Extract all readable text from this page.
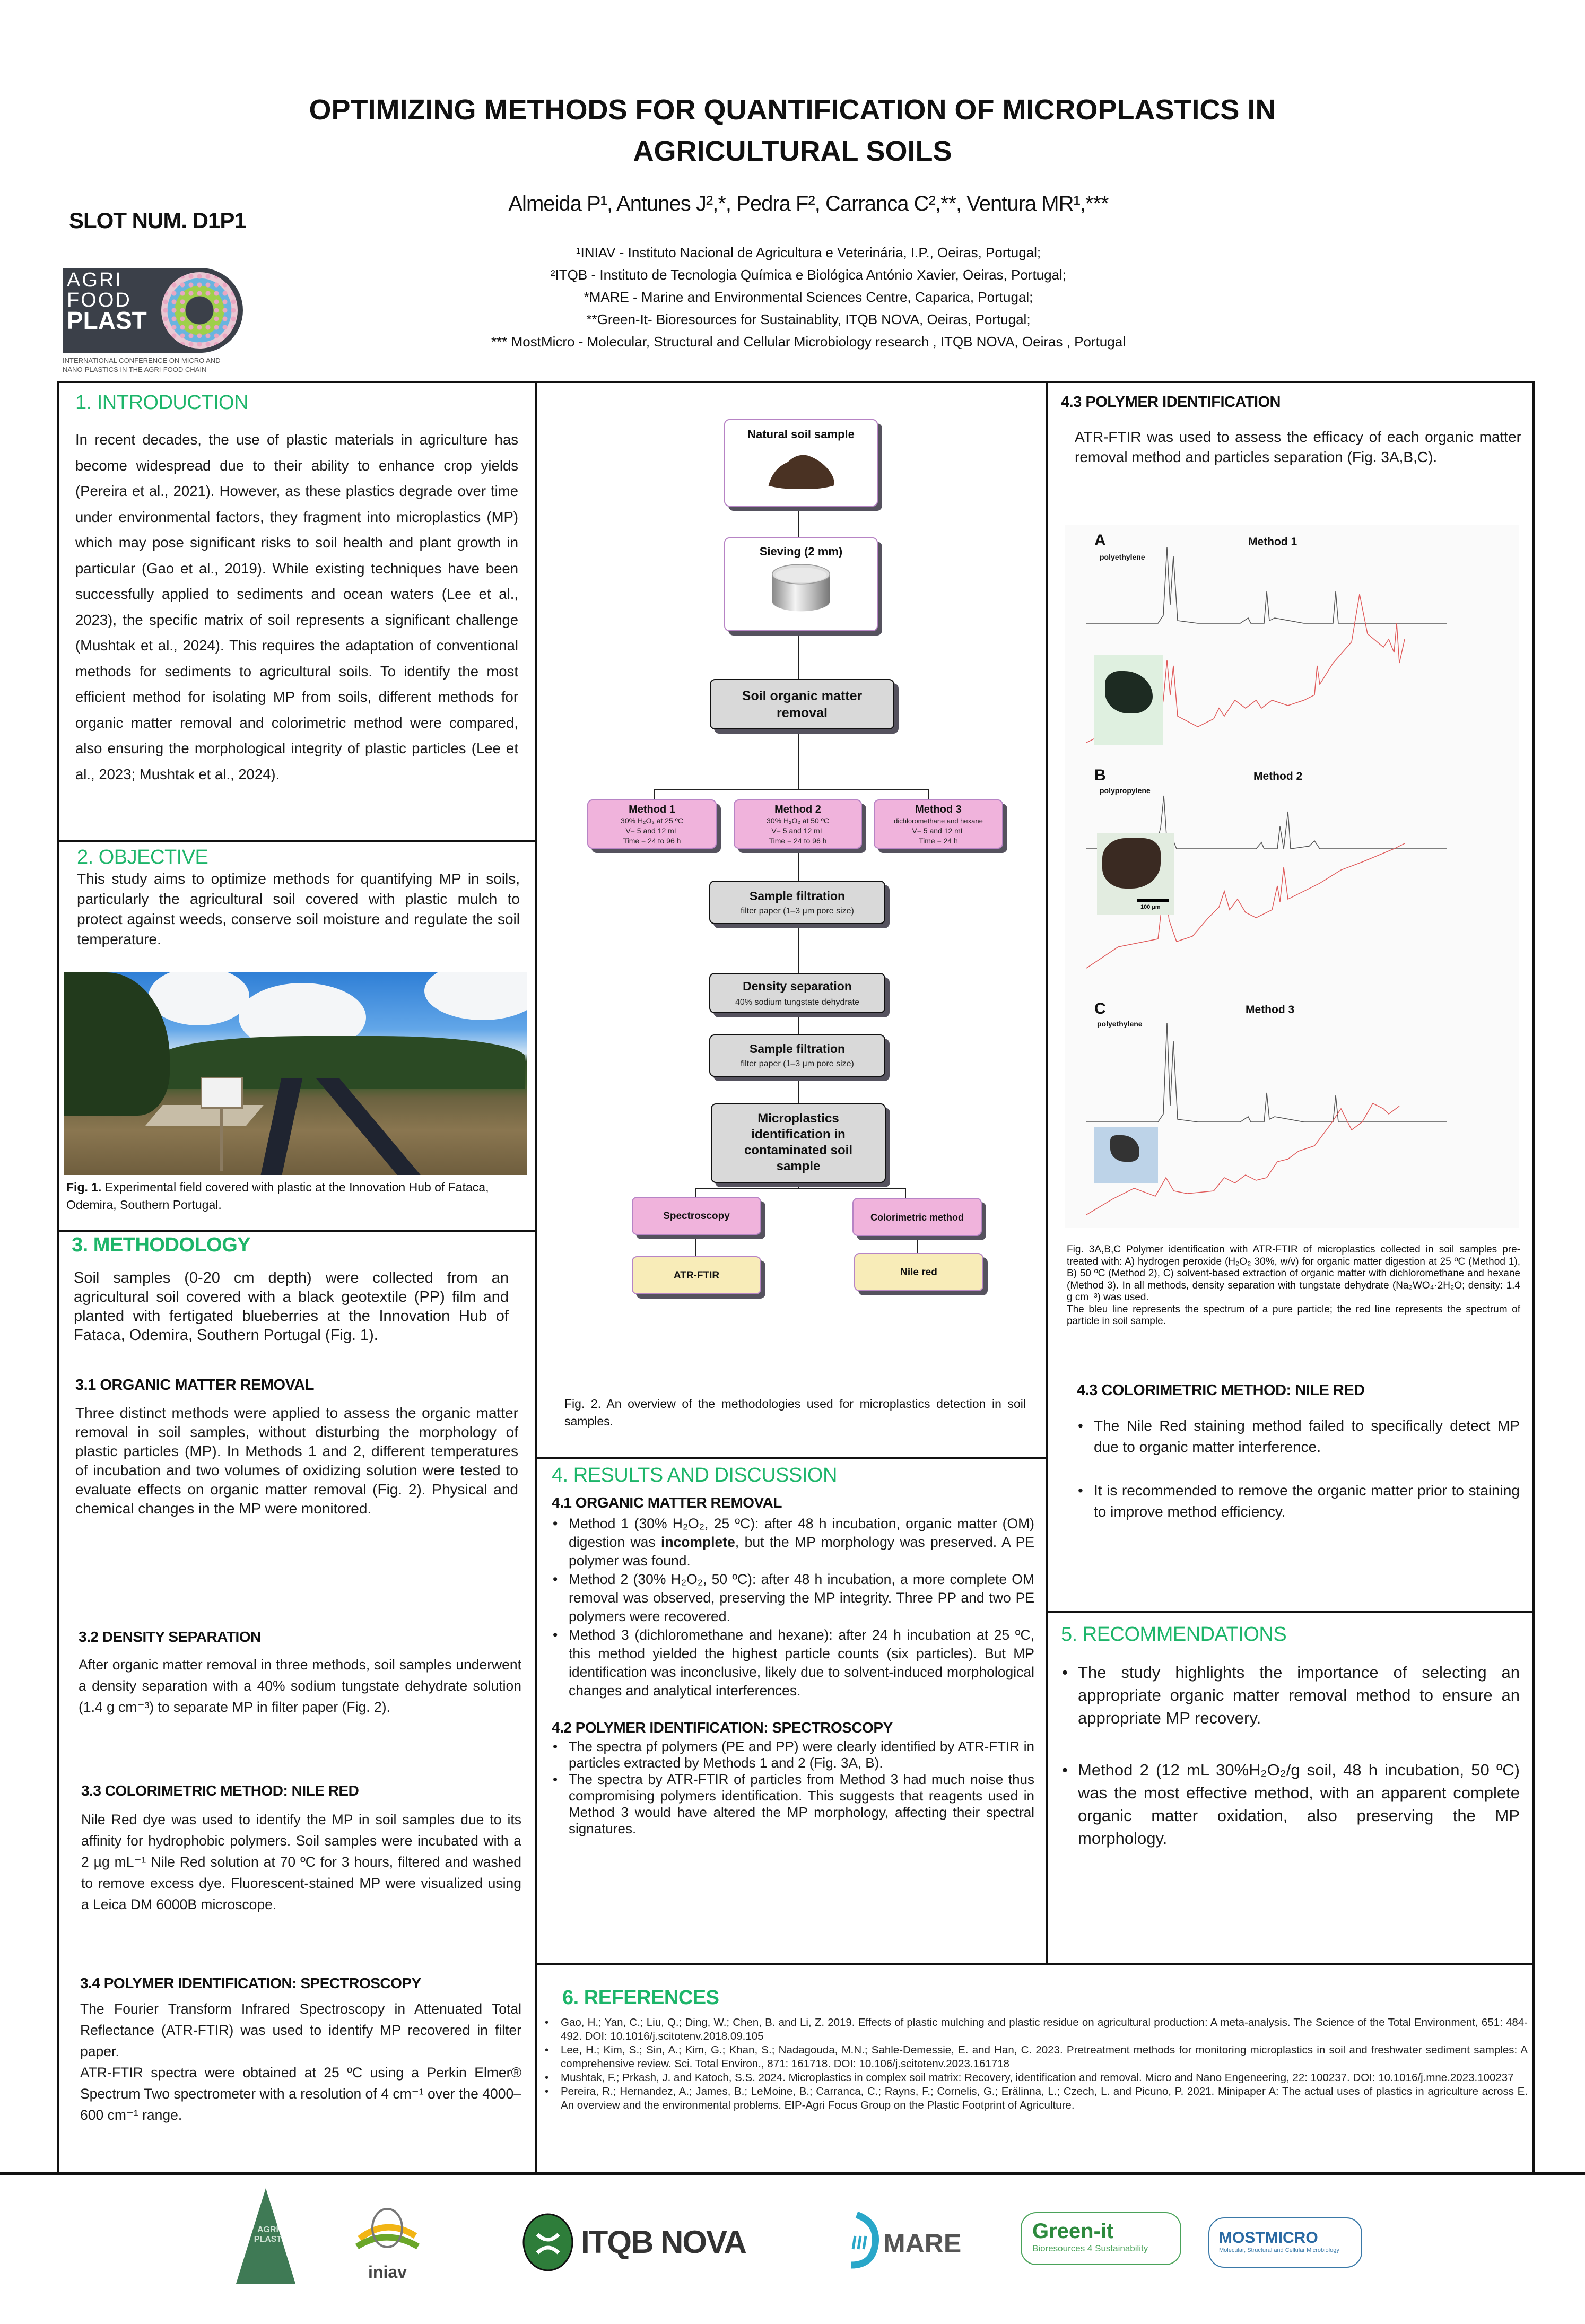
OPTIMIZING METHODS FOR QUANTIFICATION OF MICROPLASTICS IN
AGRICULTURAL SOILS
SLOT NUM. D1P1
Almeida P¹, Antunes J²,*, Pedra F², Carranca C²,**, Ventura MR¹,***
¹INIAV - Instituto Nacional de Agricultura e Veterinária, I.P., Oeiras, Portugal;
²ITQB - Instituto de Tecnologia Química e Biológica António Xavier, Oeiras, Portugal;
*MARE - Marine and Environmental Sciences Centre, Caparica, Portugal;
**Green-It- Bioresources for Sustainablity, ITQB NOVA, Oeiras, Portugal;
*** MostMicro - Molecular, Structural and Cellular Microbiology research , ITQB NOVA, Oeiras , Portugal
AGRI
FOOD
PLAST
INTERNATIONAL CONFERENCE ON MICRO AND
NANO-PLASTICS IN THE AGRI-FOOD CHAIN
1. INTRODUCTION
In recent decades, the use of plastic materials in agriculture has become widespread due to their ability to enhance crop yields (Pereira et al., 2021). However, as these plastics degrade over time under environmental factors, they fragment into microplastics (MP) which may pose significant risks to soil health and plant growth in particular (Gao et al., 2019). While existing techniques have been successfully applied to sediments and ocean waters (Lee et al., 2023), the specific matrix of soil represents a significant challenge (Mushtak et al., 2024). This requires the adaptation of conventional methods for sediments to agricultural soils. To identify the most efficient method for isolating MP from soils, different methods for organic matter removal and colorimetric method were compared, also ensuring the morphological integrity of plastic particles (Lee et al., 2023; Mushtak et al., 2024).
2. OBJECTIVE
This study aims to optimize methods for quantifying MP in soils, particularly the agricultural soil covered with plastic mulch to protect against weeds, conserve soil moisture and regulate the soil temperature.
Fig. 1. Experimental field covered with plastic at the Innovation Hub of Fataca, Odemira, Southern Portugal.
3. METHODOLOGY
Soil samples (0-20 cm depth) were collected from an agricultural soil covered with a black geotextile (PP) film and planted with fertigated blueberries at the Innovation Hub of Fataca, Odemira, Southern Portugal (Fig. 1).
3.1 ORGANIC MATTER REMOVAL
Three distinct methods were applied to assess the organic matter removal in soil samples, without disturbing the morphology of plastic particles (MP). In Methods 1 and 2, different temperatures of incubation and two volumes of oxidizing solution were tested to evaluate effects on organic matter removal (Fig. 2). Physical and chemical changes in the MP were monitored.
3.2 DENSITY SEPARATION
After organic matter removal in three methods, soil samples underwent a density separation with a 40% sodium tungstate dehydrate solution (1.4 g cm⁻³) to separate MP in filter paper (Fig. 2).
3.3 COLORIMETRIC METHOD: NILE RED
Nile Red dye was used to identify the MP in soil samples due to its affinity for hydrophobic polymers. Soil samples were incubated with a 2 µg mL⁻¹ Nile Red solution at 70 ºC for 3 hours, filtered and washed to remove excess dye. Fluorescent-stained MP were visualized using a Leica DM 6000B microscope.
3.4 POLYMER IDENTIFICATION: SPECTROSCOPY
The Fourier Transform Infrared Spectroscopy in Attenuated Total Reflectance (ATR-FTIR) was used to identify MP recovered in filter paper.
ATR-FTIR spectra were obtained at 25 ºC using a Perkin Elmer® Spectrum Two spectrometer with a resolution of 4 cm⁻¹ over the 4000–600 cm⁻¹ range.
Natural soil sample
Sieving (2 mm)
Soil organic matter removal
Method 1
30% H₂O₂ at 25 ºC
V= 5 and 12 mL
Time = 24 to 96 h
Method 2
30% H₂O₂ at 50 ºC
V= 5 and 12 mL
Time = 24 to 96 h
Method 3
dichloromethane and hexane
V= 5 and 12 mL
Time = 24 h
Sample filtration
filter paper (1–3 µm pore size)
Density separation
40% sodium tungstate dehydrate
Sample filtration
filter paper (1–3 µm pore size)
Microplastics identification in contaminated soil sample
Spectroscopy	Colorimetric method
ATR-FTIR	Nile red
Fig. 2. An overview of the methodologies used for microplastics detection in soil samples.
4. RESULTS AND DISCUSSION
4.1 ORGANIC MATTER REMOVAL
• Method 1 (30% H₂O₂, 25 ºC): after 48 h incubation, organic matter (OM) digestion was incomplete, but the MP morphology was preserved. A PE polymer was found.
• Method 2 (30% H₂O₂, 50 ºC): after 48 h incubation, a more complete OM removal was observed, preserving the MP integrity. Three PP and two PE polymers were recovered.
• Method 3 (dichloromethane and hexane): after 24 h incubation at 25 ºC, this method yielded the highest particle counts (six particles). But MP identification was inconclusive, likely due to solvent-induced morphological changes and analytical interferences.
4.2 POLYMER IDENTIFICATION: SPECTROSCOPY
• The spectra pf polymers (PE and PP) were clearly identified by ATR-FTIR in particles extracted by Methods 1 and 2 (Fig. 3A, B).
• The spectra by ATR-FTIR of particles from Method 3 had much noise thus compromising polymers identification. This suggests that reagents used in Method 3 would have altered the MP morphology, affecting their spectral signatures.
4.3 POLYMER IDENTIFICATION
ATR-FTIR was used to assess the efficacy of each organic matter removal method and particles separation (Fig. 3A,B,C).
A	Method 1
polyethylene
B	Method 2
polypropylene
100 µm
C	Method 3
polyethylene
Fig. 3A,B,C Polymer identification with ATR-FTIR of microplastics collected in soil samples pre-treated with: A) hydrogen peroxide (H₂O₂ 30%, w/v) for organic matter digestion at 25 ºC (Method 1), B) 50 ºC (Method 2), C) solvent-based extraction of organic matter with dichloromethane and hexane (Method 3). In all methods, density separation with tungstate dehydrate (Na₂WO₄·2H₂O; density: 1.4 g cm⁻³) was used.
The bleu line represents the spectrum of a pure particle; the red line represents the spectrum of particle in soil sample.
4.3 COLORIMETRIC METHOD: NILE RED
• The Nile Red staining method failed to specifically detect MP due to organic matter interference.
• It is recommended to remove the organic matter prior to staining to improve method efficiency.
5. RECOMMENDATIONS
• The study highlights the importance of selecting an appropriate organic matter removal method to ensure an appropriate MP recovery.
• Method 2 (12 mL 30%H₂O₂/g soil, 48 h incubation, 50 ºC) was the most effective method, with an apparent complete organic matter oxidation, also preserving the MP morphology.
6. REFERENCES
• Gao, H.; Yan, C.; Liu, Q.; Ding, W.; Chen, B. and Li, Z. 2019. Effects of plastic mulching and plastic residue on agricultural production: A meta-analysis. The Science of the Total Environment, 651: 484-492. DOI: 10.1016/j.scitotenv.2018.09.105
• Lee, H.; Kim, S.; Sin, A.; Kim, G.; Khan, S.; Nadagouda, M.N.; Sahle-Demessie, E. and Han, C. 2023. Pretreatment methods for monitoring microplastics in soil and freshwater sediment samples: A comprehensive review. Sci. Total Environ., 871: 161718. DOI: 10.106/j.scitotenv.2023.161718
• Mushtak, F.; Prkash, J. and Katoch, S.S. 2024. Microplastics in complex soil matrix: Recovery, identification and removal. Micro and Nano Engeneering, 22: 100237. DOI: 10.1016/j.mne.2023.100237
• Pereira, R.; Hernandez, A.; James, B.; LeMoine, B.; Carranca, C.; Rayns, F.; Cornelis, G.; Erälinna, L.; Czech, L. and Picuno, P. 2021. Minipaper A: The actual uses of plastics in agriculture across E. An overview and the environmental problems. EIP-Agri Focus Group on the Plastic Footprint of Agriculture.
AGRI PLAST
iniav
ITQB NOVA	MARE	Green-it
Bioresources 4 Sustainability
MOSTMICRO
Molecular, Structural and Cellular Microbiology
